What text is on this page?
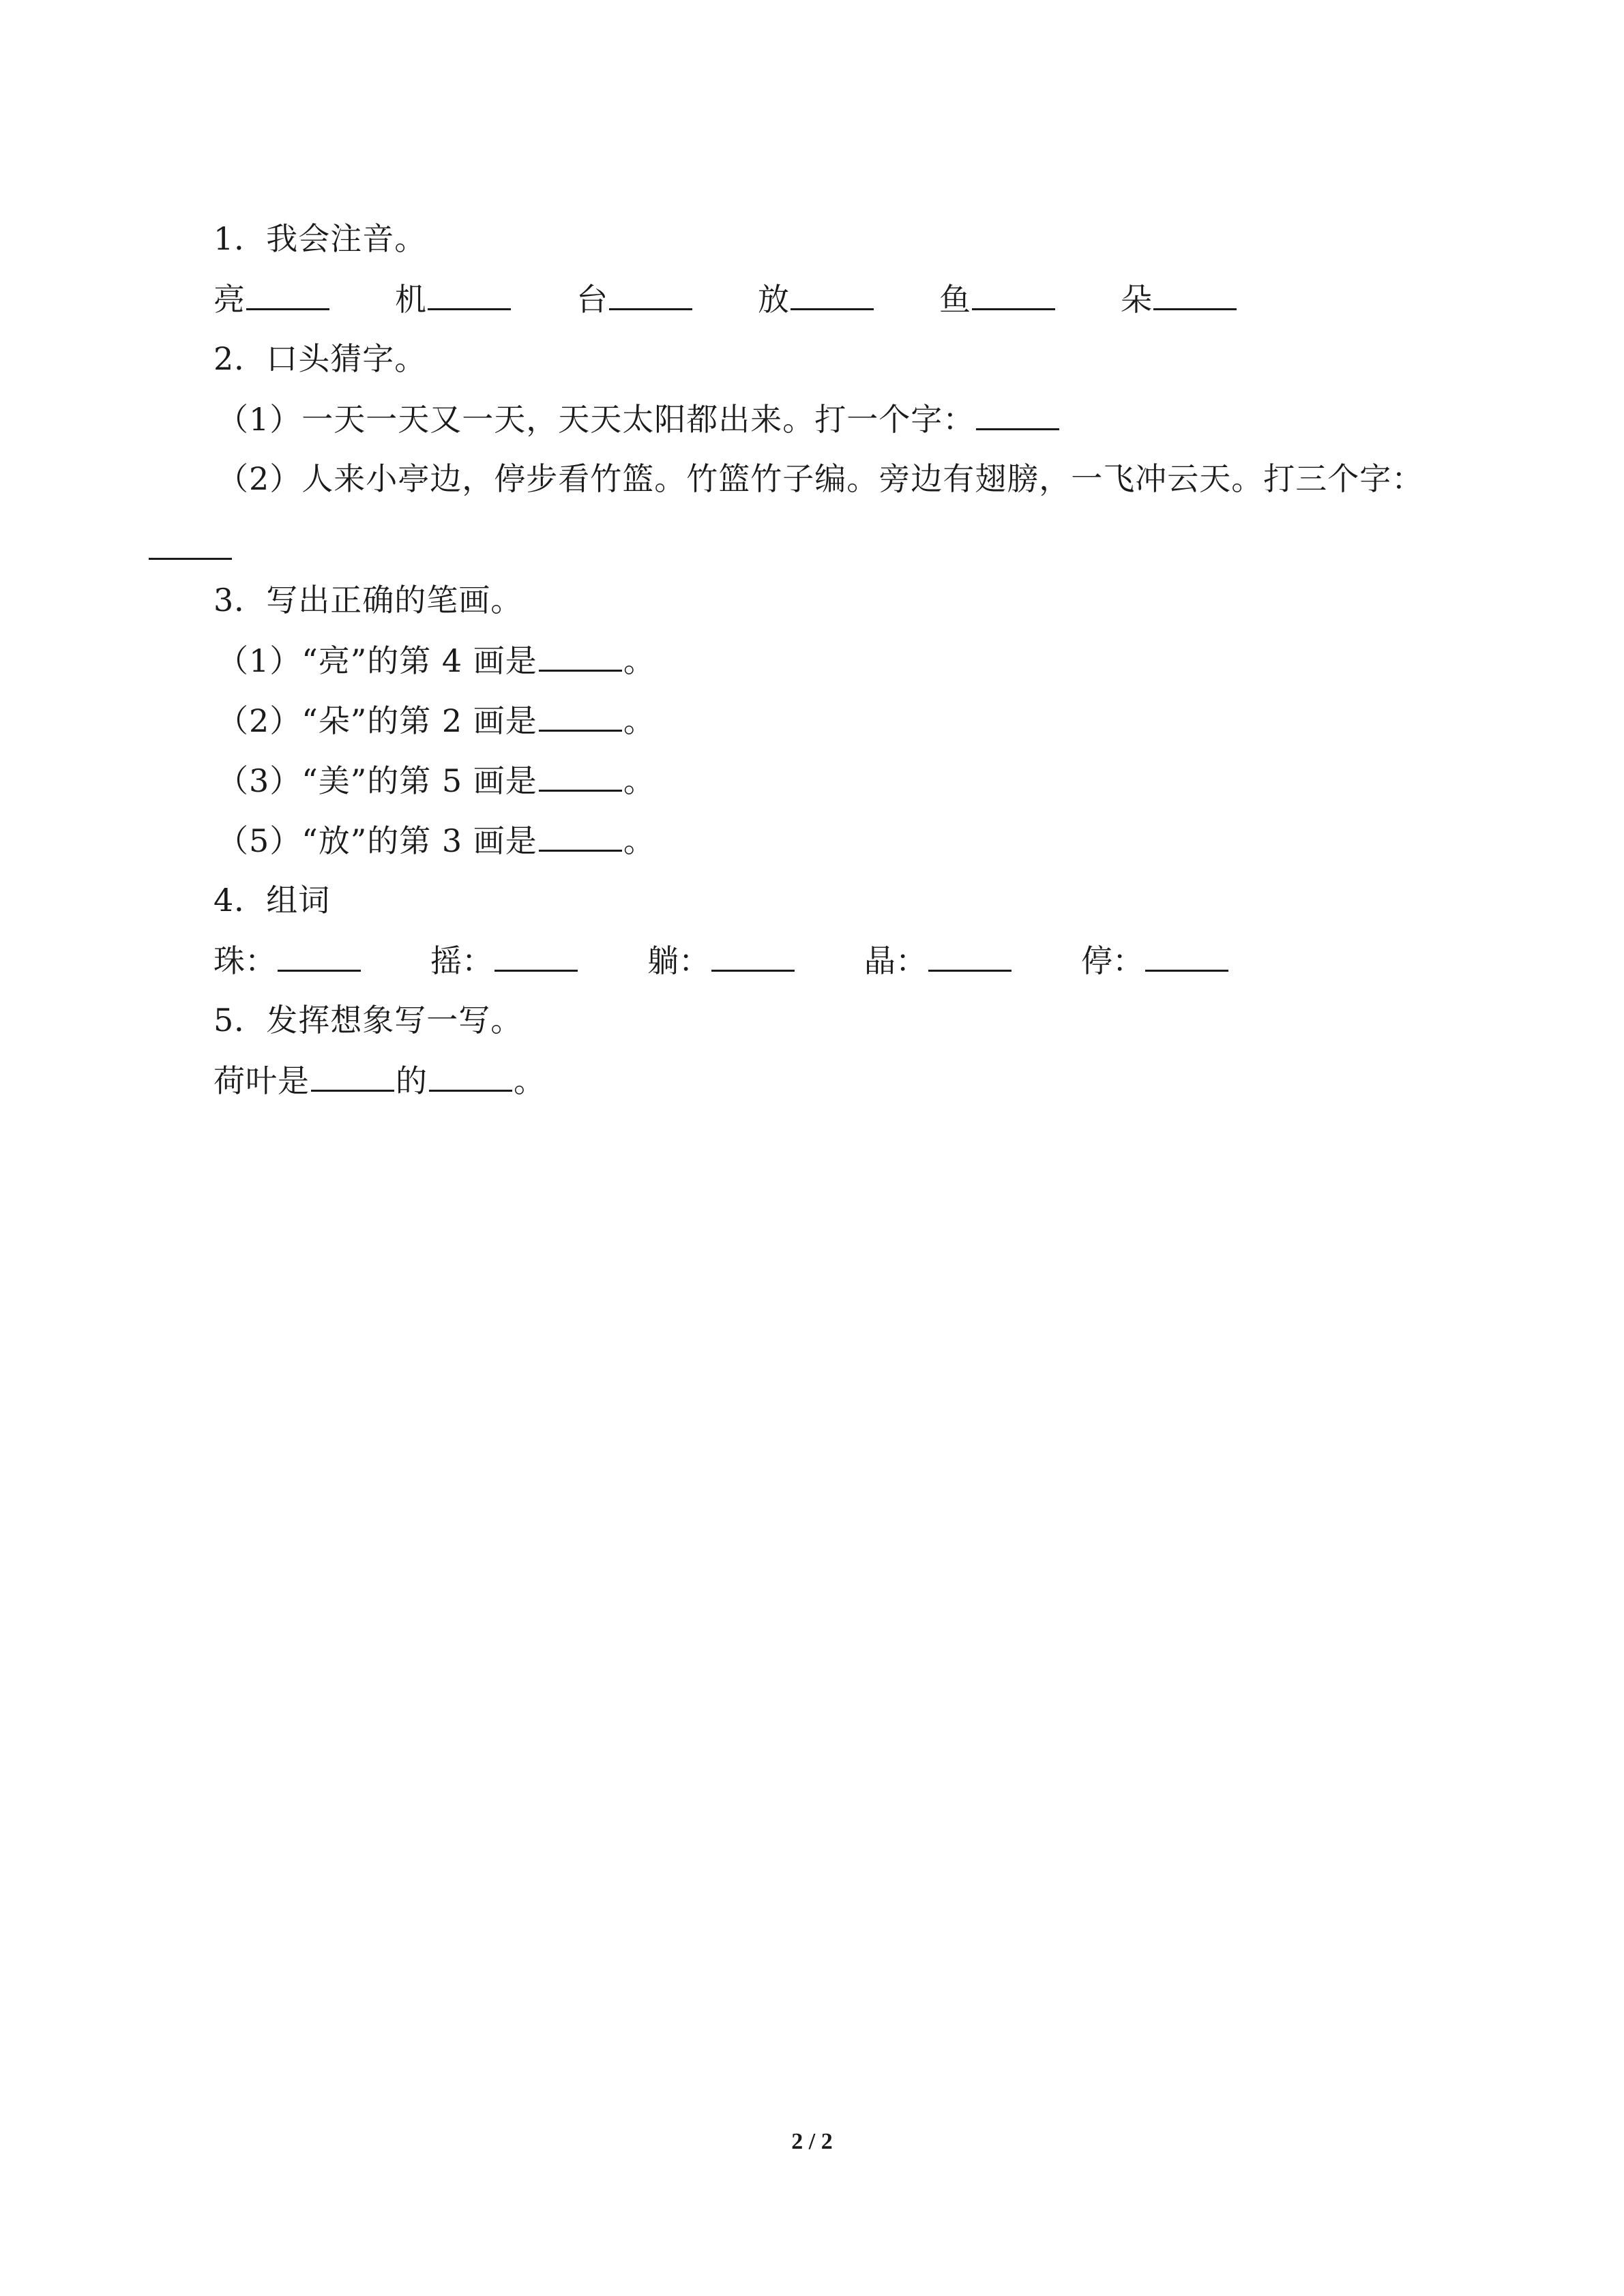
1．我会注音。
亮	机	台	放	鱼	朵
2．口头猜字。
（1）一天一天又一天，天天太阳都出来。打一个字：
（2）人来小亭边，停步看竹篮。竹篮竹子编。旁边有翅膀，一飞冲云天。打三个字：
3．写出正确的笔画。
（1）“亮”的第 4 画是	。
（2）“朵”的第 2 画是	。
（3）“美”的第 5 画是	。
（5）“放”的第 3 画是	。
4．组词
珠：	摇：	躺：	晶：	停：
5．发挥想象写一写。
荷叶是	的	。
2 / 2
